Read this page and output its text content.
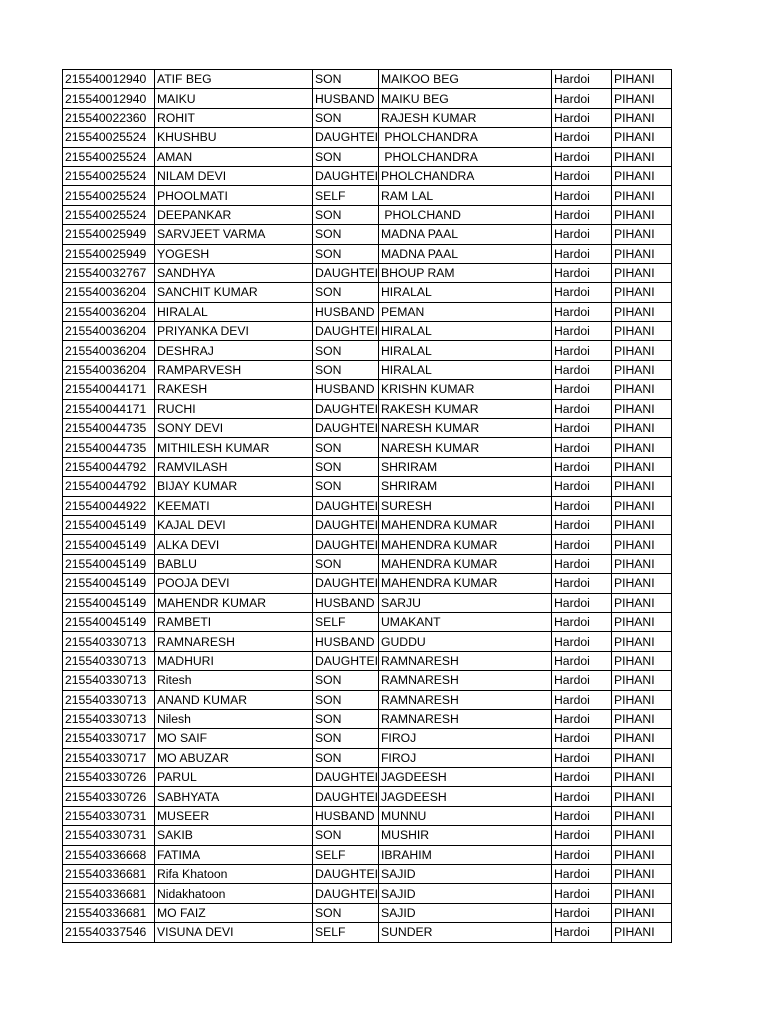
215540012940	ATIF BEG	SON	MAIKOO BEG	Hardoi	PIHANI
215540012940	MAIKU	HUSBAND	MAIKU BEG	Hardoi	PIHANI
215540022360	ROHIT	SON	RAJESH KUMAR	Hardoi	PIHANI
215540025524	KHUSHBU	DAUGHTEI	PHOLCHANDRA	Hardoi	PIHANI
215540025524	AMAN	SON	PHOLCHANDRA	Hardoi	PIHANI
215540025524	NILAM DEVI	DAUGHTEI	PHOLCHANDRA	Hardoi	PIHANI
215540025524	PHOOLMATI	SELF	RAM LAL	Hardoi	PIHANI
215540025524	DEEPANKAR	SON	PHOLCHAND	Hardoi	PIHANI
215540025949	SARVJEET VARMA	SON	MADNA PAAL	Hardoi	PIHANI
215540025949	YOGESH	SON	MADNA PAAL	Hardoi	PIHANI
215540032767	SANDHYA	DAUGHTEI	BHOUP RAM	Hardoi	PIHANI
215540036204	SANCHIT KUMAR	SON	HIRALAL	Hardoi	PIHANI
215540036204	HIRALAL	HUSBAND	PEMAN	Hardoi	PIHANI
215540036204	PRIYANKA DEVI	DAUGHTEI	HIRALAL	Hardoi	PIHANI
215540036204	DESHRAJ	SON	HIRALAL	Hardoi	PIHANI
215540036204	RAMPARVESH	SON	HIRALAL	Hardoi	PIHANI
215540044171	RAKESH	HUSBAND	KRISHN KUMAR	Hardoi	PIHANI
215540044171	RUCHI	DAUGHTEI	RAKESH KUMAR	Hardoi	PIHANI
215540044735	SONY DEVI	DAUGHTEI	NARESH KUMAR	Hardoi	PIHANI
215540044735	MITHILESH KUMAR	SON	NARESH KUMAR	Hardoi	PIHANI
215540044792	RAMVILASH	SON	SHRIRAM	Hardoi	PIHANI
215540044792	BIJAY KUMAR	SON	SHRIRAM	Hardoi	PIHANI
215540044922	KEEMATI	DAUGHTEI	SURESH	Hardoi	PIHANI
215540045149	KAJAL DEVI	DAUGHTEI	MAHENDRA KUMAR	Hardoi	PIHANI
215540045149	ALKA DEVI	DAUGHTEI	MAHENDRA KUMAR	Hardoi	PIHANI
215540045149	BABLU	SON	MAHENDRA KUMAR	Hardoi	PIHANI
215540045149	POOJA DEVI	DAUGHTEI	MAHENDRA KUMAR	Hardoi	PIHANI
215540045149	MAHENDR KUMAR	HUSBAND	SARJU	Hardoi	PIHANI
215540045149	RAMBETI	SELF	UMAKANT	Hardoi	PIHANI
215540330713	RAMNARESH	HUSBAND	GUDDU	Hardoi	PIHANI
215540330713	MADHURI	DAUGHTEI	RAMNARESH	Hardoi	PIHANI
215540330713	Ritesh	SON	RAMNARESH	Hardoi	PIHANI
215540330713	ANAND KUMAR	SON	RAMNARESH	Hardoi	PIHANI
215540330713	Nilesh	SON	RAMNARESH	Hardoi	PIHANI
215540330717	MO SAIF	SON	FIROJ	Hardoi	PIHANI
215540330717	MO ABUZAR	SON	FIROJ	Hardoi	PIHANI
215540330726	PARUL	DAUGHTEI	JAGDEESH	Hardoi	PIHANI
215540330726	SABHYATA	DAUGHTEI	JAGDEESH	Hardoi	PIHANI
215540330731	MUSEER	HUSBAND	MUNNU	Hardoi	PIHANI
215540330731	SAKIB	SON	MUSHIR	Hardoi	PIHANI
215540336668	FATIMA	SELF	IBRAHIM	Hardoi	PIHANI
215540336681	Rifa Khatoon	DAUGHTEI	SAJID	Hardoi	PIHANI
215540336681	Nidakhatoon	DAUGHTEI	SAJID	Hardoi	PIHANI
215540336681	MO FAIZ	SON	SAJID	Hardoi	PIHANI
215540337546	VISUNA DEVI	SELF	SUNDER	Hardoi	PIHANI
